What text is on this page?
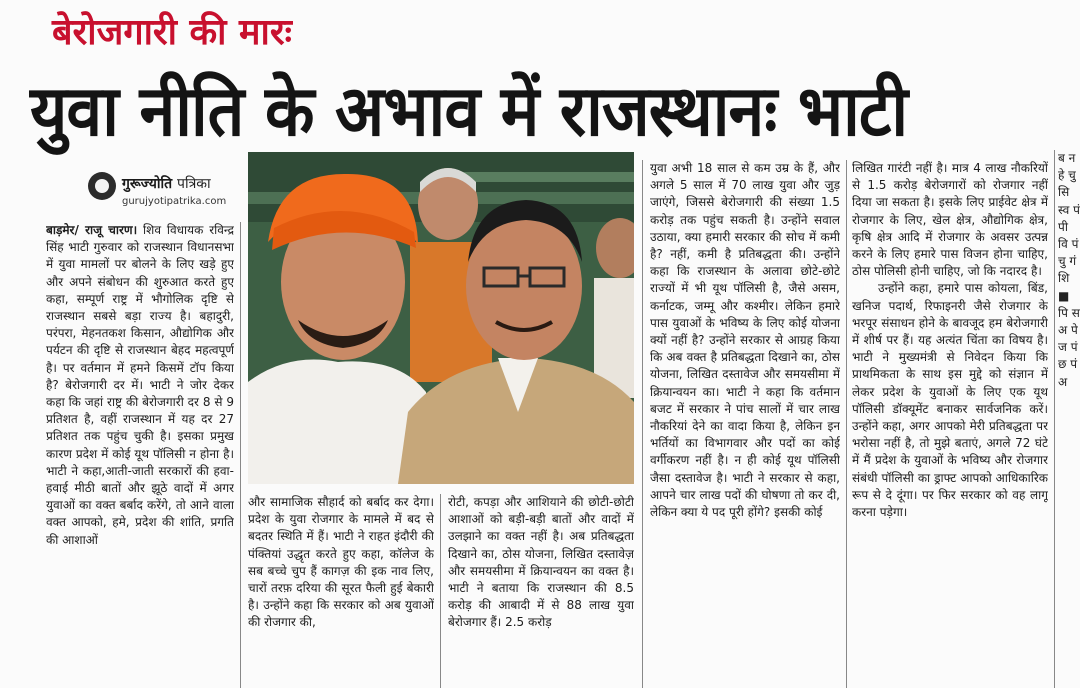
बेरोजगारी की मारः
युवा नीति के अभाव में राजस्थानः भाटी
गुरूज्योति पत्रिका
gurujyotipatrika.com

बाड़मेर/ राजू चारण। शिव विधायक रविन्द्र सिंह भाटी गुरुवार को राजस्थान विधानसभा में युवा मामलों पर बोलने के लिए खड़े हुए और अपने संबोधन की शुरुआत करते हुए कहा, सम्पूर्ण राष्ट्र में भौगोलिक दृष्टि से राजस्थान सबसे बड़ा राज्य है। बहादुरी, परंपरा, मेहनतकश किसान, औद्योगिक और पर्यटन की दृष्टि से राजस्थान बेहद महत्वपूर्ण है। पर वर्तमान में हमने किसमें टॉप किया है? बेरोजगारी दर में। भाटी ने जोर देकर कहा कि जहां राष्ट्र की बेरोजगारी दर 8 से 9 प्रतिशत है, वहीं राजस्थान में यह दर 27 प्रतिशत तक पहुंच चुकी है। इसका प्रमुख कारण प्रदेश में कोई यूथ पॉलिसी न होना है। भाटी ने कहा,आती-जाती सरकारों की हवा-हवाई मीठी बातों और झूठे वादों में अगर युवाओं का वक्त बर्बाद करेंगे, तो आने वाला वक्त आपको, हमे, प्रदेश की शांति, प्रगति की आशाओं

और सामाजिक सौहार्द को बर्बाद कर देगा। प्रदेश के युवा रोजगार के मामले में बद से बदतर स्थिति में हैं। भाटी ने राहत इंदौरी की पंक्तियां उद्धृत करते हुए कहा, कॉलेज के सब बच्चे चुप हैं कागज़ की इक नाव लिए, चारों तरफ़ दरिया की सूरत फैली हुई बेकारी है। उन्होंने कहा कि सरकार को अब युवाओं की रोजगार की,

रोटी, कपड़ा और आशियाने की छोटी-छोटी आशाओं को बड़ी-बड़ी बातों और वादों में उलझाने का वक्त नहीं है। अब प्रतिबद्धता दिखाने का, ठोस योजना, लिखित दस्तावेज़ और समयसीमा में क्रियान्वयन का वक्त है। भाटी ने बताया कि राजस्थान की 8.5 करोड़ की आबादी में से 88 लाख युवा बेरोजगार हैं। 2.5 करोड़

युवा अभी 18 साल से कम उम्र के हैं, और अगले 5 साल में 70 लाख युवा और जुड़ जाएंगे, जिससे बेरोजगारी की संख्या 1.5 करोड़ तक पहुंच सकती है। उन्होंने सवाल उठाया, क्या हमारी सरकार की सोच में कमी है? नहीं, कमी है प्रतिबद्धता की। उन्होंने कहा कि राजस्थान के अलावा छोटे-छोटे राज्यों में भी यूथ पॉलिसी है, जैसे असम, कर्नाटक, जम्मू और कश्मीर। लेकिन हमारे पास युवाओं के भविष्य के लिए कोई योजना क्यों नहीं है? उन्होंने सरकार से आग्रह किया कि अब वक्त है प्रतिबद्धता दिखाने का, ठोस योजना, लिखित दस्तावेज और समयसीमा में क्रियान्वयन का। भाटी ने कहा कि वर्तमान बजट में सरकार ने पांच सालों में चार लाख नौकरियां देने का वादा किया है, लेकिन इन भर्तियों का विभागवार और पदों का कोई वर्गीकरण नहीं है। न ही कोई यूथ पॉलिसी जैसा दस्तावेज है। भाटी ने सरकार से कहा, आपने चार लाख पदों की घोषणा तो कर दी, लेकिन क्या ये पद पूरी होंगे? इसकी कोई

लिखित गारंटी नहीं है। मात्र 4 लाख नौकरियों से 1.5 करोड़ बेरोजगारों को रोजगार नहीं दिया जा सकता है। इसके लिए प्राईवेट क्षेत्र में रोजगार के लिए, खेल क्षेत्र, औद्योगिक क्षेत्र, कृषि क्षेत्र आदि में रोजगार के अवसर उत्पन्न करने के लिए हमारे पास विजन होना चाहिए, ठोस पोलिसी होनी चाहिए, जो कि नदारद है।

उन्होंने कहा, हमारे पास कोयला, बिंड, खनिज पदार्थ, रिफाइनरी जैसे रोजगार के भरपूर संसाधन होने के बावजूद हम बेरोजगारी में शीर्ष पर हैं। यह अत्यंत चिंता का विषय है। भाटी ने मुख्यमंत्री से निवेदन किया कि प्राथमिकता के साथ इस मुद्दे को संज्ञान में लेकर प्रदेश के युवाओं के लिए एक यूथ पॉलिसी डॉक्यूमेंट बनाकर सार्वजनिक करें। उन्होंने कहा, अगर आपको मेरी प्रतिबद्धता पर भरोसा नहीं है, तो मुझे बताएं, अगले 72 घंटे में मैं प्रदेश के युवाओं के भविष्य और रोजगार संबंधी पॉलिसी का ड्राफ्ट आपको आधिकारिक रूप से दे दूंगा। पर फिर सरकार को वह लागू करना पड़ेगा।

ब न हे चु सि स्व पं पी वि पं चु गं शि ■ पि स अ पे ज पं छ पं अ
